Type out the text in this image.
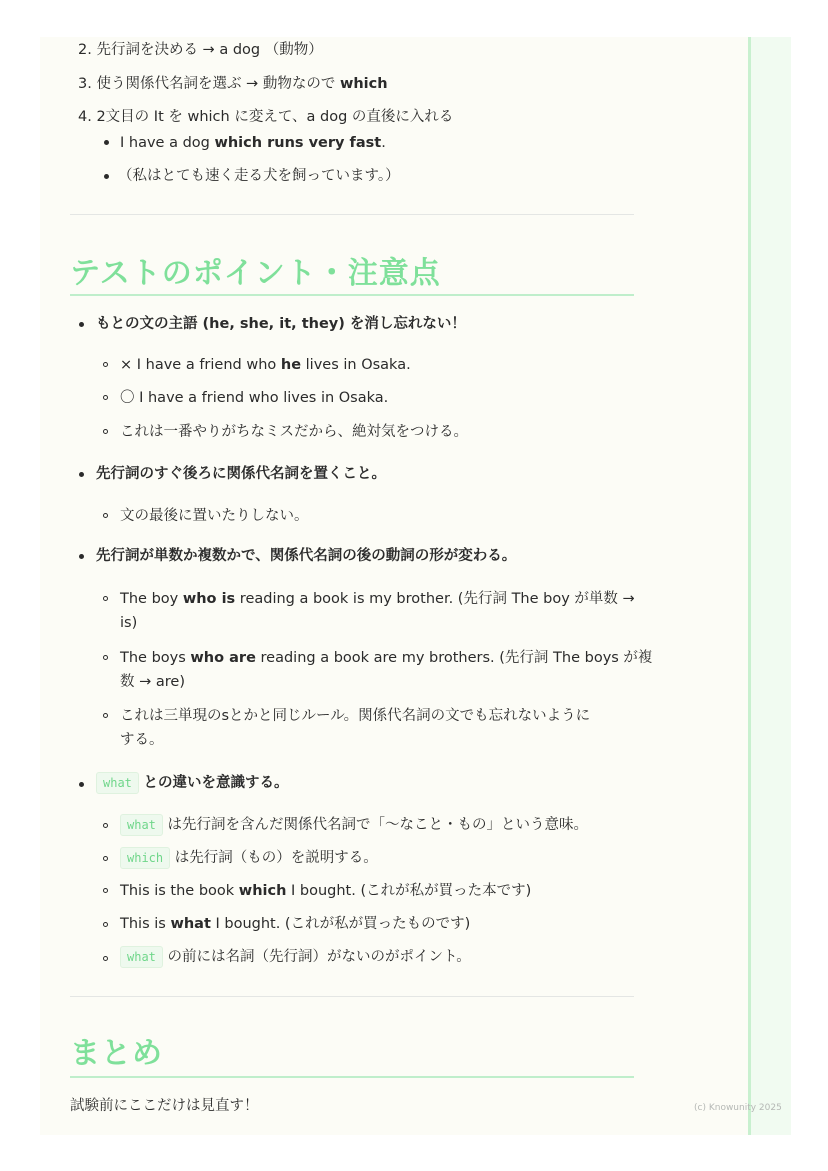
2. 先行詞を決める → a dog （動物）
3. 使う関係代名詞を選ぶ → 動物なので which
4. 2文目の It を which に変えて、a dog の直後に入れる
I have a dog which runs very fast.
（私はとても速く走る犬を飼っています。）
テストのポイント・注意点
もとの文の主語 (he, she, it, they) を消し忘れない！
× I have a friend who he lives in Osaka.
〇 I have a friend who lives in Osaka.
これは一番やりがちなミスだから、絶対気をつける。
先行詞のすぐ後ろに関係代名詞を置くこと。
文の最後に置いたりしない。
先行詞が単数か複数かで、関係代名詞の後の動詞の形が変わる。
The boy who is reading a book is my brother. (先行詞 The boy が単数 →
is)
The boys who are reading a book are my brothers. (先行詞 The boys が複
数 → are)
これは三単現のsとかと同じルール。関係代名詞の文でも忘れないように
する。
what との違いを意識する。
what は先行詞を含んだ関係代名詞で「〜なこと・もの」という意味。
which は先行詞（もの）を説明する。
This is the book which I bought. (これが私が買った本です)
This is what I bought. (これが私が買ったものです)
what の前には名詞（先行詞）がないのがポイント。
まとめ
試験前にここだけは見直す！	(c) Knowunity 2025
